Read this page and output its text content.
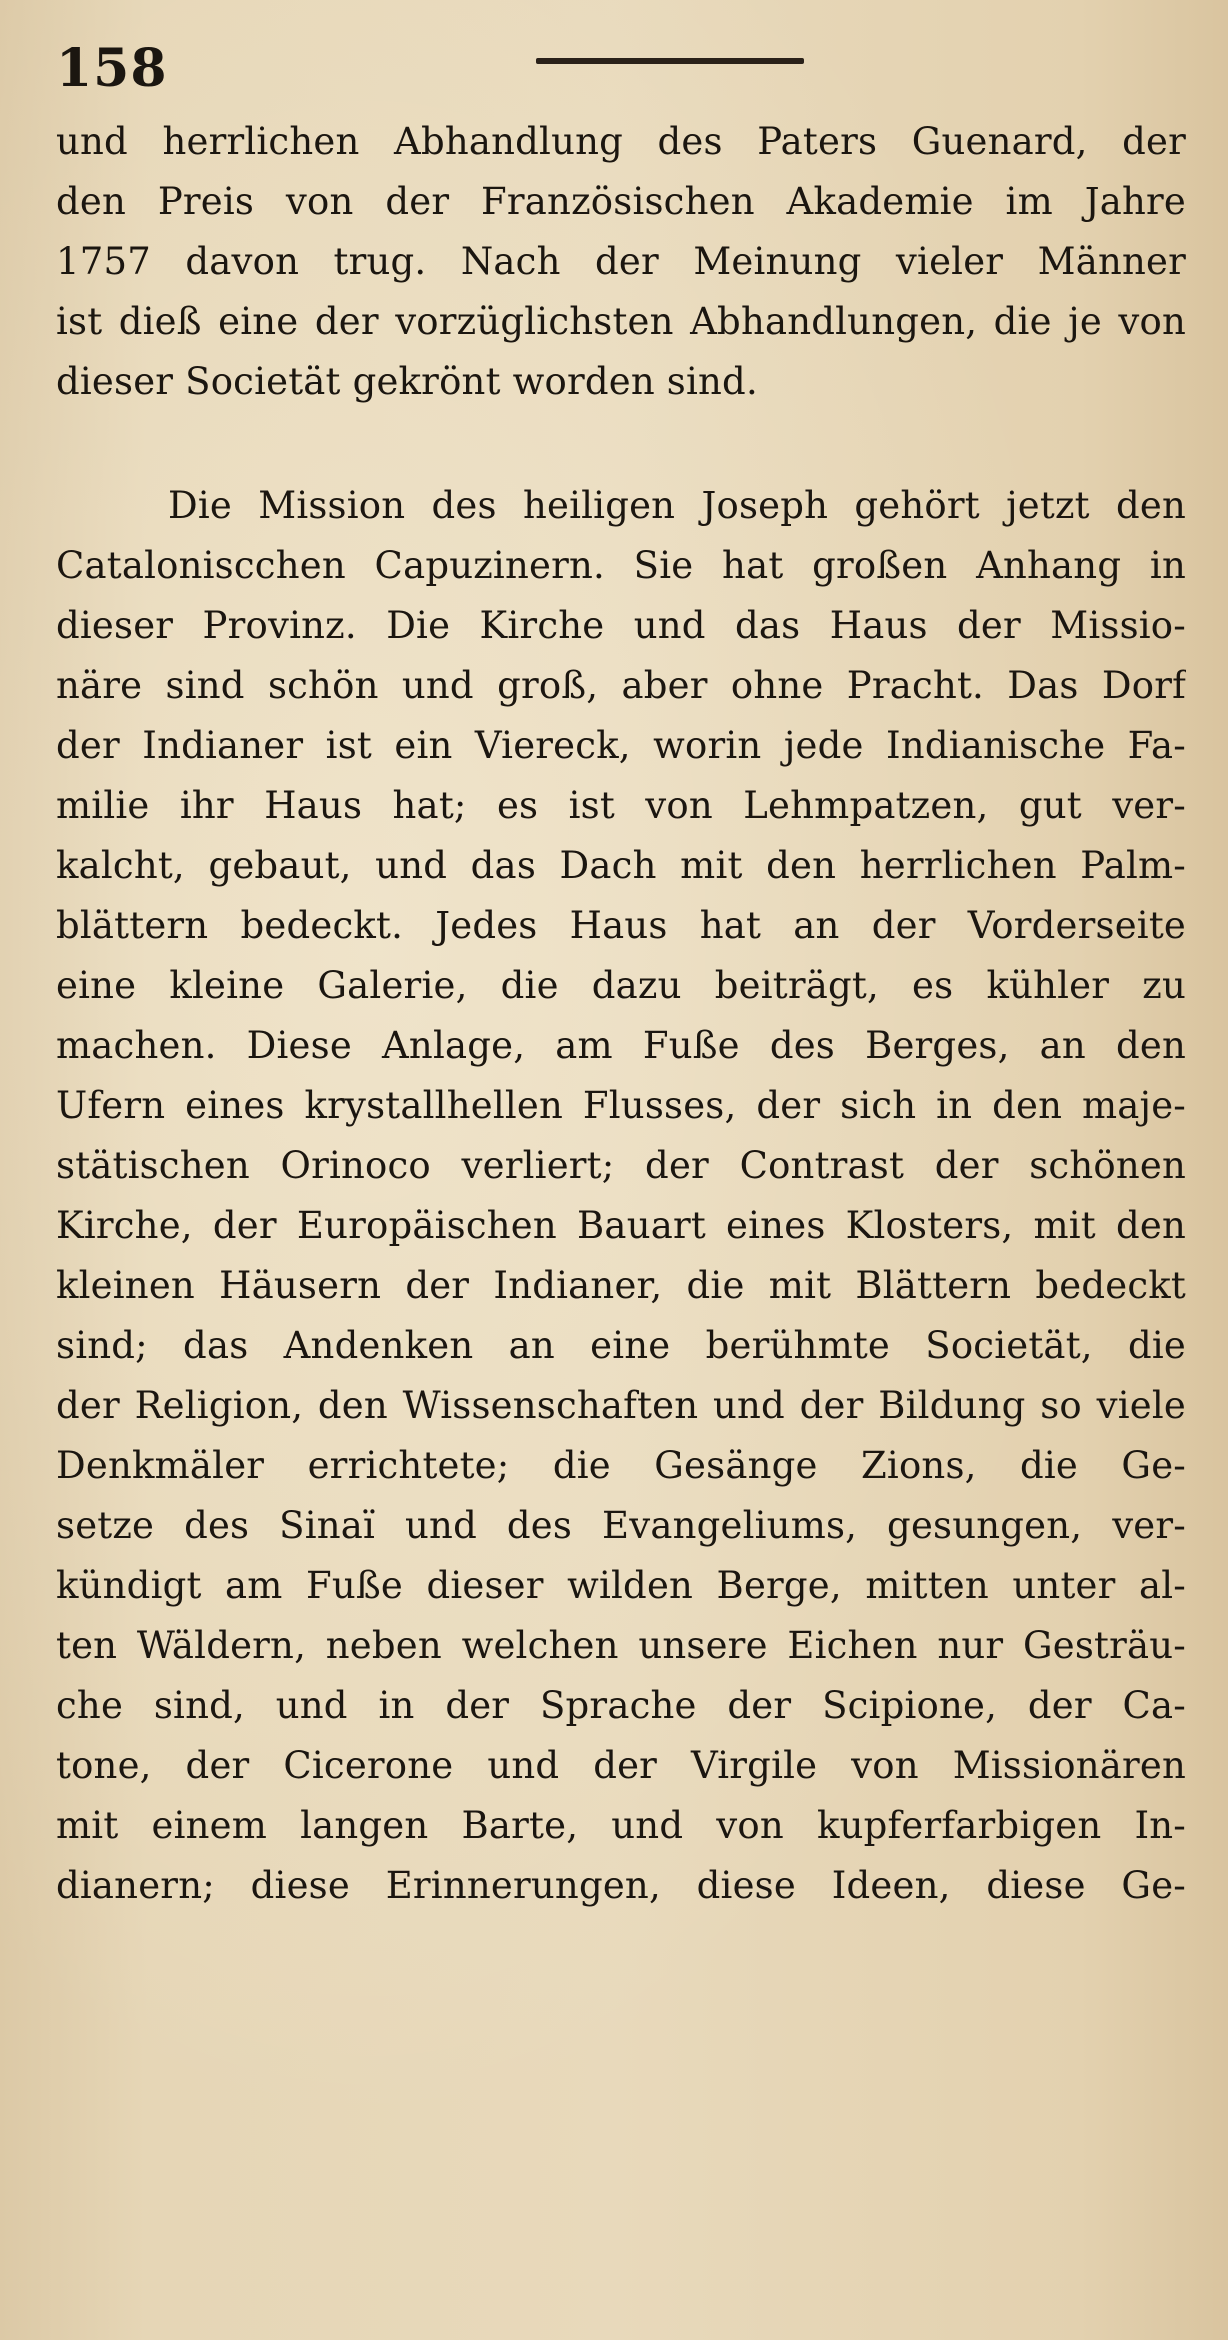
158
und herrlichen Abhandlung des Paters Guenard, der
den Preis von der Französischen Akademie im Jahre
1757 davon trug. Nach der Meinung vieler Männer
ist dieß eine der vorzüglichsten Abhandlungen, die je von
dieser Societät gekrönt worden sind.
Die Mission des heiligen Joseph gehört jetzt den
Cataloniscchen Capuzinern. Sie hat großen Anhang in
dieser Provinz. Die Kirche und das Haus der Missio-
näre sind schön und groß, aber ohne Pracht. Das Dorf
der Indianer ist ein Viereck, worin jede Indianische Fa-
milie ihr Haus hat; es ist von Lehmpatzen, gut ver-
kalcht, gebaut, und das Dach mit den herrlichen Palm-
blättern bedeckt. Jedes Haus hat an der Vorderseite
eine kleine Galerie, die dazu beiträgt, es kühler zu
machen. Diese Anlage, am Fuße des Berges, an den
Ufern eines krystallhellen Flusses, der sich in den maje-
stätischen Orinoco verliert; der Contrast der schönen
Kirche, der Europäischen Bauart eines Klosters, mit den
kleinen Häusern der Indianer, die mit Blättern bedeckt
sind; das Andenken an eine berühmte Societät, die
der Religion, den Wissenschaften und der Bildung so viele
Denkmäler errichtete; die Gesänge Zions, die Ge-
setze des Sinaï und des Evangeliums, gesungen, ver-
kündigt am Fuße dieser wilden Berge, mitten unter al-
ten Wäldern, neben welchen unsere Eichen nur Gesträu-
che sind, und in der Sprache der Scipione, der Ca-
tone, der Cicerone und der Virgile von Missionären
mit einem langen Barte, und von kupferfarbigen In-
dianern; diese Erinnerungen, diese Ideen, diese Ge-
